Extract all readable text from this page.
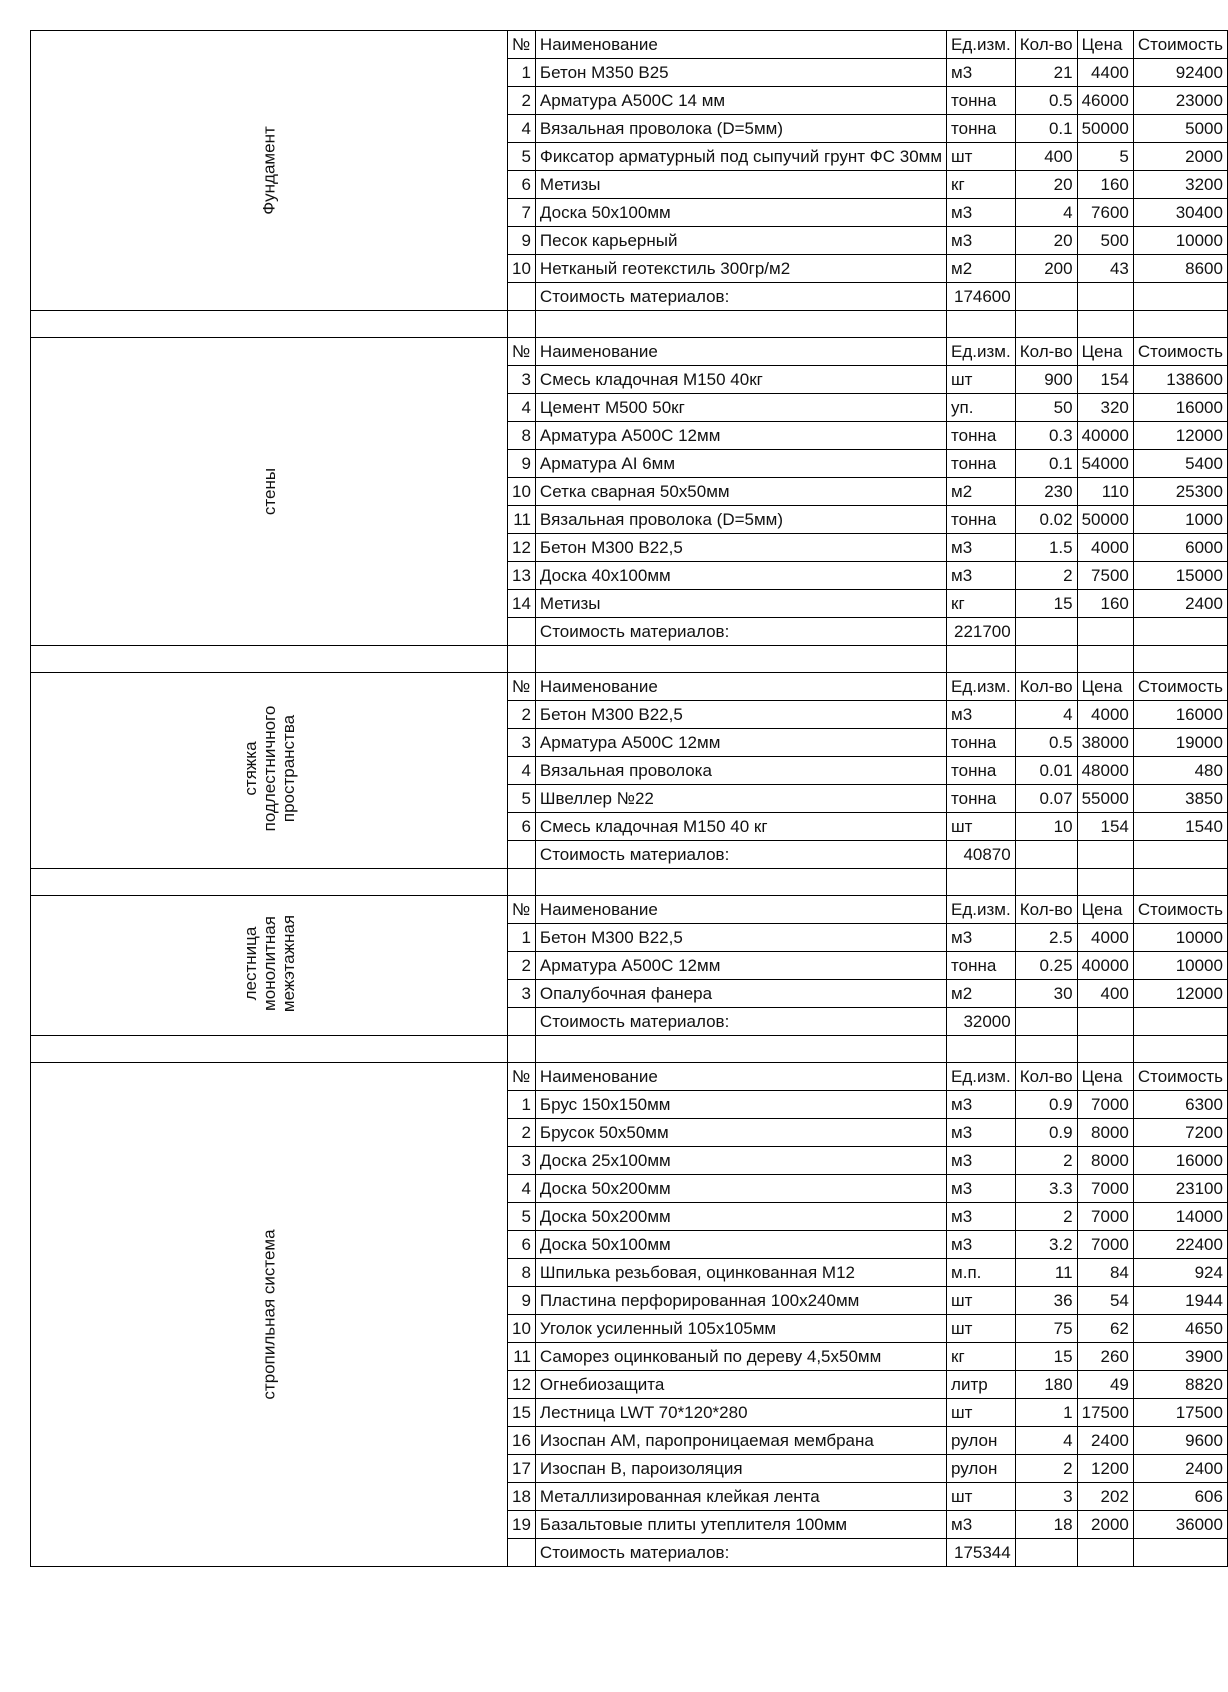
Фундамент	№	Наименование	Ед.изм.	Кол-во	Цена	Стоимость
	1	Бетон М350 В25	м3	21	4400	92400
	2	Арматура А500С 14 мм	тонна	0.5	46000	23000
	4	Вязальная проволока (D=5мм)	тонна	0.1	50000	5000
	5	Фиксатор арматурный под сыпучий грунт ФС 30мм	шт	400	5	2000
	6	Метизы	кг	20	160	3200
	7	Доска 50х100мм	м3	4	7600	30400
	9	Песок карьерный	м3	20	500	10000
	10	Нетканый геотекстиль 300гр/м2	м2	200	43	8600
		Стоимость материалов:	174600			

стены	№	Наименование	Ед.изм.	Кол-во	Цена	Стоимость
	3	Смесь кладочная М150 40кг	шт	900	154	138600
	4	Цемент М500 50кг	уп.	50	320	16000
	8	Арматура А500С 12мм	тонна	0.3	40000	12000
	9	Арматура АI 6мм	тонна	0.1	54000	5400
	10	Сетка сварная 50х50мм	м2	230	110	25300
	11	Вязальная проволока (D=5мм)	тонна	0.02	50000	1000
	12	Бетон М300 В22,5	м3	1.5	4000	6000
	13	Доска 40х100мм	м3	2	7500	15000
	14	Метизы	кг	15	160	2400
		Стоимость материалов:	221700			

стяжка подлестничного пространства	№	Наименование	Ед.изм.	Кол-во	Цена	Стоимость
	2	Бетон М300 В22,5	м3	4	4000	16000
	3	Арматура А500С 12мм	тонна	0.5	38000	19000
	4	Вязальная проволока	тонна	0.01	48000	480
	5	Швеллер №22	тонна	0.07	55000	3850
	6	Смесь кладочная М150 40 кг	шт	10	154	1540
		Стоимость материалов:	40870			

лестница монолитная межэтажная	№	Наименование	Ед.изм.	Кол-во	Цена	Стоимость
	1	Бетон М300 В22,5	м3	2.5	4000	10000
	2	Арматура А500С 12мм	тонна	0.25	40000	10000
	3	Опалубочная фанера	м2	30	400	12000
		Стоимость материалов:	32000			

стропильная система	№	Наименование	Ед.изм.	Кол-во	Цена	Стоимость
	1	Брус 150х150мм	м3	0.9	7000	6300
	2	Брусок 50х50мм	м3	0.9	8000	7200
	3	Доска 25х100мм	м3	2	8000	16000
	4	Доска 50х200мм	м3	3.3	7000	23100
	5	Доска 50х200мм	м3	2	7000	14000
	6	Доска 50х100мм	м3	3.2	7000	22400
	8	Шпилька резьбовая, оцинкованная М12	м.п.	11	84	924
	9	Пластина перфорированная 100х240мм	шт	36	54	1944
	10	Уголок усиленный 105х105мм	шт	75	62	4650
	11	Саморез оцинкованый по дереву 4,5х50мм	кг	15	260	3900
	12	Огнебиозащита	литр	180	49	8820
	15	Лестница LWT 70*120*280	шт	1	17500	17500
	16	Изоспан АМ, паропроницаемая мембрана	рулон	4	2400	9600
	17	Изоспан В, пароизоляция	рулон	2	1200	2400
	18	Металлизированная клейкая лента	шт	3	202	606
	19	Базальтовые плиты утеплителя 100мм	м3	18	2000	36000
		Стоимость материалов:	175344			
